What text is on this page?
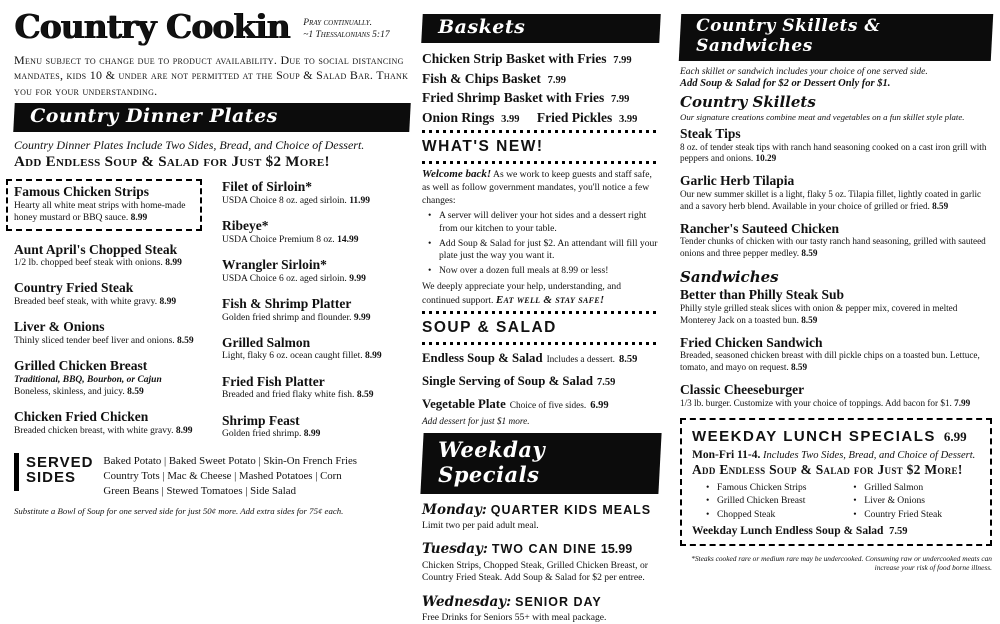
Country Cookin Pray continually.
~1 Thessalonians 5:17

Menu subject to change due to product availability. Due to social distancing mandates, kids 10 & under are not permitted at the Soup & Salad Bar. Thank you for your understanding.

Country Dinner Plates

Country Dinner Plates Include Two Sides, Bread, and Choice of Dessert.

Add Endless Soup & Salad for Just $2 More!

Famous Chicken Strips
Hearty all white meat strips with home-made honey mustard or BBQ sauce. 8.99
Aunt April's Chopped Steak
1/2 lb. chopped beef steak with onions. 8.99
Country Fried Steak
Breaded beef steak, with white gravy. 8.99
Liver & Onions
Thinly sliced tender beef liver and onions. 8.59
Grilled Chicken Breast
Traditional, BBQ, Bourbon, or Cajun
Boneless, skinless, and juicy. 8.59
Chicken Fried Chicken
Breaded chicken breast, with white gravy. 8.99
Filet of Sirloin*
USDA Choice 8 oz. aged sirloin. 11.99
Ribeye*
USDA Choice Premium 8 oz. 14.99
Wrangler Sirloin*
USDA Choice 6 oz. aged sirloin. 9.99
Fish & Shrimp Platter
Golden fried shrimp and flounder. 9.99
Grilled Salmon
Light, flaky 6 oz. ocean caught fillet. 8.99
Fried Fish Platter
Breaded and fried flaky white fish. 8.59
Shrimp Feast
Golden fried shrimp. 8.99
SERVED
SIDES
Baked Potato | Baked Sweet Potato | Skin-On French Fries
Country Tots | Mac & Cheese | Mashed Potatoes | Corn
Green Beans | Stewed Tomatoes | Side Salad

Substitute a Bowl of Soup for one served side for just 50¢ more. Add extra sides for 75¢ each.

Baskets
Chicken Strip Basket with Fries 7.99
Fish & Chips Basket 7.99
Fried Shrimp Basket with Fries 7.99
Onion Rings 3.99 Fried Pickles 3.99
WHAT'S NEW!

Welcome back! As we work to keep guests and staff safe, as well as follow government mandates, you'll notice a few changes:

• A server will deliver your hot sides and a dessert right from our kitchen to your table.
• Add Soup & Salad for just $2. An attendant will fill your plate just the way you want it.
• Now over a dozen full meals at 8.99 or less!

We deeply appreciate your help, understanding, and continued support. Eat well & stay safe!

SOUP & SALAD
Endless Soup & Salad Includes a dessert. 8.59
Single Serving of Soup & Salad 7.59
Vegetable Plate Choice of five sides. 6.99

Add dessert for just $1 more.

Weekday Specials
Monday: QUARTER KIDS MEALS

Limit two per paid adult meal.

Tuesday: TWO CAN DINE 15.99

Chicken Strips, Chopped Steak, Grilled Chicken Breast, or Country Fried Steak. Add Soup & Salad for $2 per entree.

Wednesday: SENIOR DAY

Free Drinks for Seniors 55+ with meal package.

Country Skillets & Sandwiches

Each skillet or sandwich includes your choice of one served side.

Add Soup & Salad for $2 or Dessert Only for $1.

Country Skillets

Our signature creations combine meat and vegetables on a fun skillet style plate.

Steak Tips
8 oz. of tender steak tips with ranch hand seasoning cooked on a cast iron grill with peppers and onions. 10.29
Garlic Herb Tilapia
Our new summer skillet is a light, flaky 5 oz. Tilapia fillet, lightly coated in garlic and a savory herb blend. Available in your choice of grilled or fried. 8.59
Rancher's Sauteed Chicken
Tender chunks of chicken with our tasty ranch hand seasoning, grilled with sauteed onions and three pepper medley. 8.59
Sandwiches
Better than Philly Steak Sub
Philly style grilled steak slices with onion & pepper mix, covered in melted Monterey Jack on a toasted bun. 8.59
Fried Chicken Sandwich
Breaded, seasoned chicken breast with dill pickle chips on a toasted bun. Lettuce, tomato, and mayo on request. 8.59
Classic Cheeseburger
1/3 lb. burger. Customize with your choice of toppings. Add bacon for $1. 7.99
WEEKDAY LUNCH SPECIALS 6.99

Mon-Fri 11-4. Includes Two Sides, Bread, and Choice of Dessert.

Add Endless Soup & Salad for Just $2 More!

• Famous Chicken Strips
• Grilled Chicken Breast
• Chopped Steak
• Grilled Salmon
• Liver & Onions
• Country Fried Steak

Weekday Lunch Endless Soup & Salad 7.59

*Steaks cooked rare or medium rare may be undercooked. Consuming raw or undercooked meats can increase your risk of food borne illness.
